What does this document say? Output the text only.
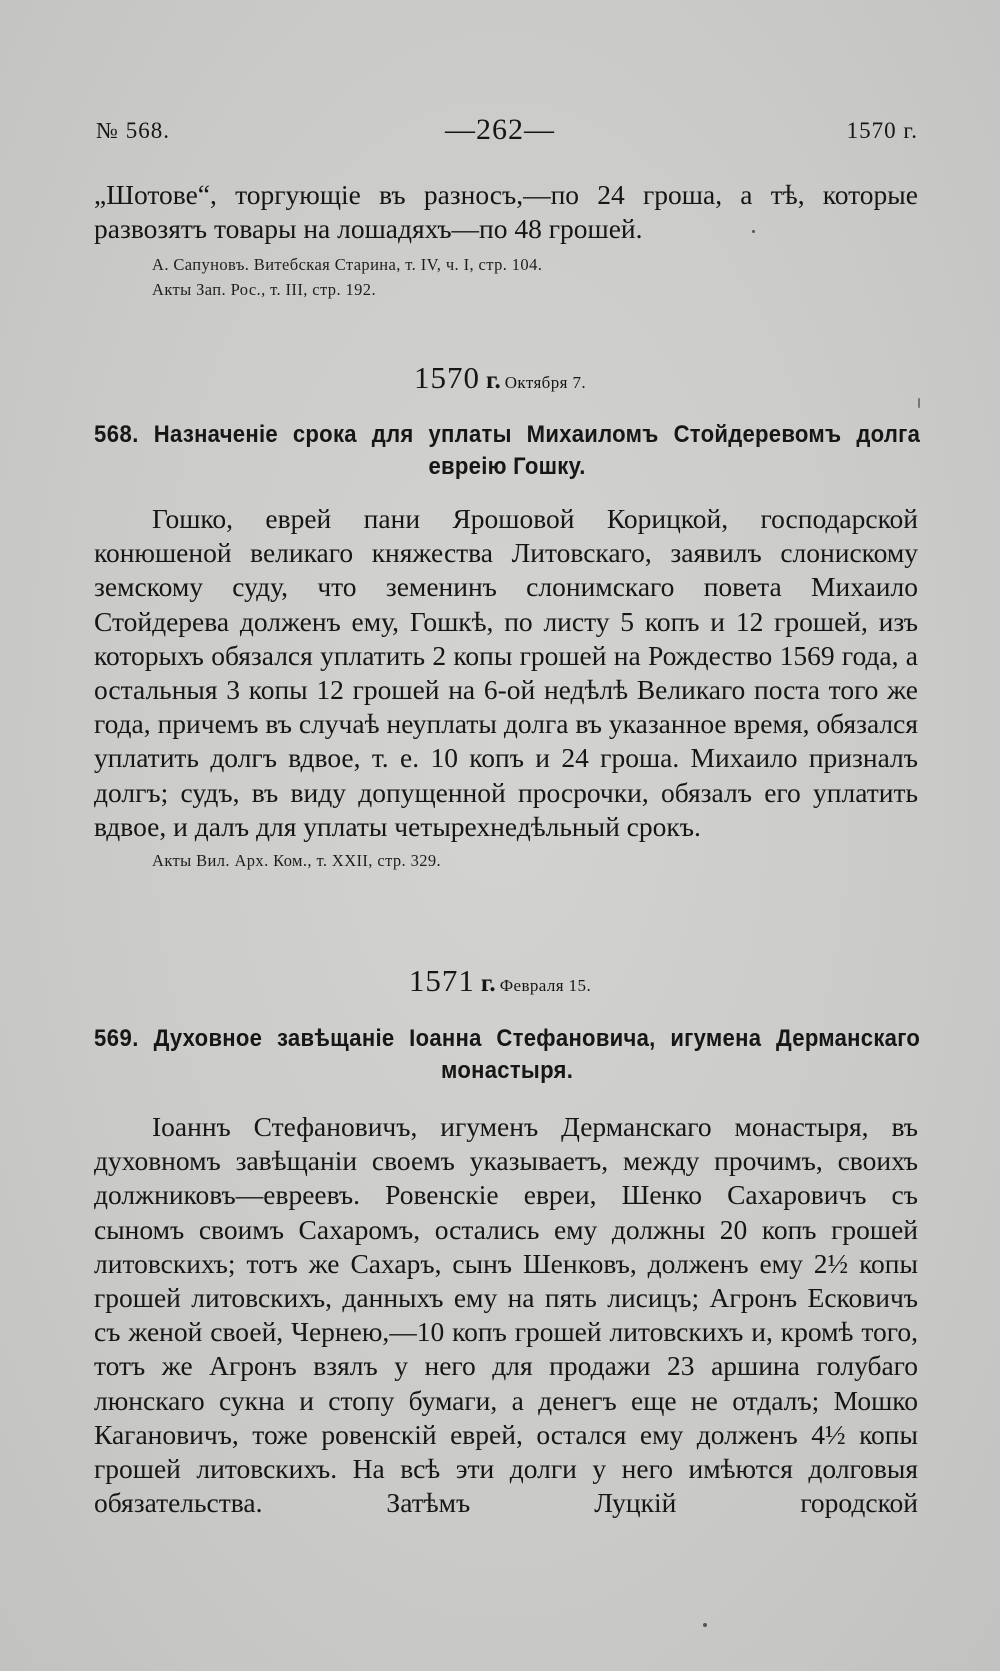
№ 568.	—262—	1570 г.
„Шотове“, торгующіе въ разносъ,—по 24 гроша, а тѣ, которые развозятъ товары на лошадяхъ—по 48 грошей.
А. Сапуновъ. Витебская Старина, т. IV, ч. I, стр. 104.
Акты Зап. Рос., т. III, стр. 192.
1570 г. Октября 7.
568. Назначеніе срока для уплаты Михаиломъ Стойдеревомъ долга евреію Гошку.
Гошко, еврей пани Ярошовой Корицкой, господарской конюшеной великаго княжества Литовскаго, заявилъ слонискому земскому суду, что земенинъ слонимскаго повета Михаило Стойдерева долженъ ему, Гошкѣ, по листу 5 копъ и 12 грошей, изъ которыхъ обязался уплатить 2 копы грошей на Рождество 1569 года, а остальныя 3 копы 12 грошей на 6-ой недѣлѣ Великаго поста того же года, причемъ въ случаѣ неуплаты долга въ указанное время, обязался уплатить долгъ вдвое, т. е. 10 копъ и 24 гроша. Михаило призналъ долгъ; судъ, въ виду допущенной просрочки, обязалъ его уплатить вдвое, и далъ для уплаты четырехнедѣльный срокъ.
Акты Вил. Арх. Ком., т. XXII, стр. 329.
1571 г. Февраля 15.
569. Духовное завѣщаніе Іоанна Стефановича, игумена Дерманскаго монастыря.
Іоаннъ Стефановичъ, игуменъ Дерманскаго монастыря, въ духовномъ завѣщаніи своемъ указываетъ, между прочимъ, своихъ должниковъ—евреевъ. Ровенскіе евреи, Шенко Сахаровичъ съ сыномъ своимъ Сахаромъ, остались ему должны 20 копъ грошей литовскихъ; тотъ же Сахаръ, сынъ Шенковъ, долженъ ему 2½ копы грошей литовскихъ, данныхъ ему на пять лисицъ; Агронъ Есковичъ съ женой своей, Чернею,—10 копъ грошей литовскихъ и, кромѣ того, тотъ же Агронъ взялъ у него для продажи 23 аршина голубаго люнскаго сукна и стопу бумаги, а денегъ еще не отдалъ; Мошко Кагановичъ, тоже ровенскій еврей, остался ему долженъ 4½ копы грошей литовскихъ. На всѣ эти долги у него имѣются долговыя обязательства. Затѣмъ Луцкій городской
